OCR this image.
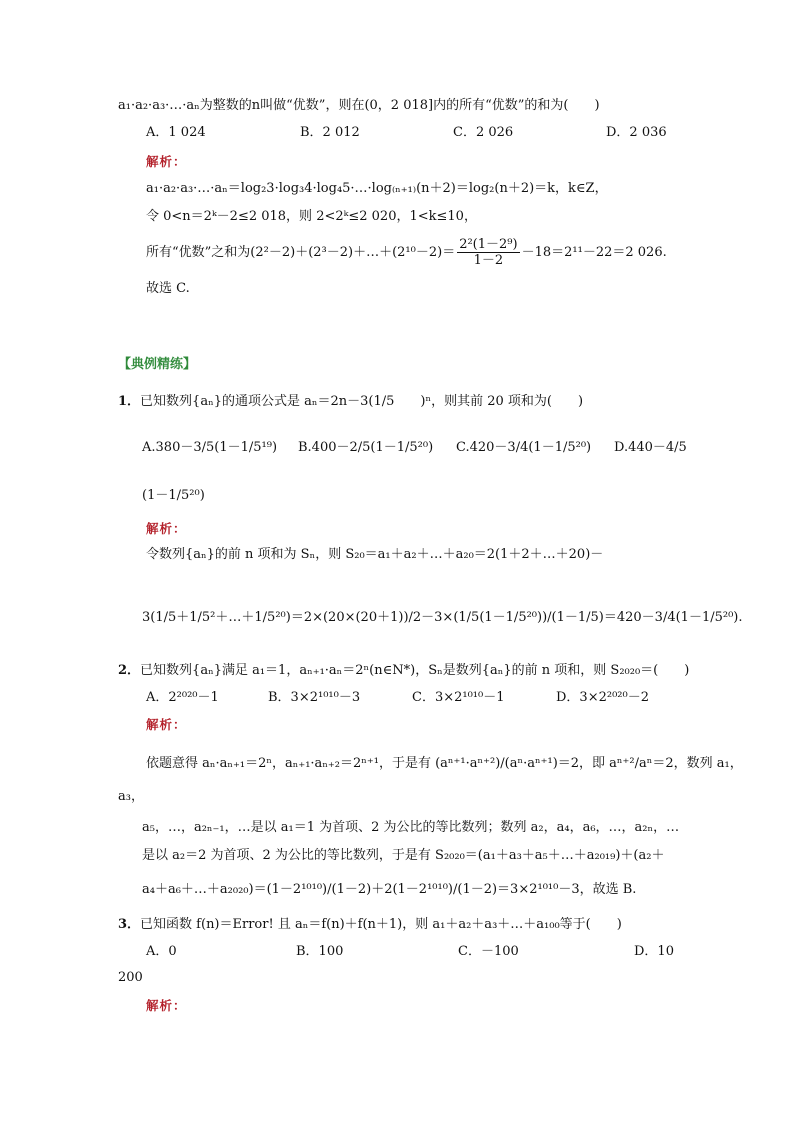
a₁·a₂·a₃·…·aₙ为整数的n叫做“优数”，则在(0，2 018]内的所有“优数”的和为(　　)
A．1 024	B．2 012	C．2 026	D．2 036
解析：
a₁·a₂·a₃·…·aₙ＝log₂3·log₃4·log₄5·…·log₍ₙ₊₁₎(n＋2)＝log₂(n＋2)＝k，k∈Z，
令 0<n＝2ᵏ－2≤2 018，则 2<2ᵏ≤2 020，1<k≤10，
所有“优数”之和为(2²－2)＋(2³－2)＋…＋(2¹⁰－2)＝ $\frac{\text{2²(1－2⁹)}}{1-2} -18=2^{11}-22=2$ 026.
故选 C.
【典例精练】
1．已知数列{aₙ}的通项公式是 aₙ＝2n－3(1/5　　)ⁿ，则其前 20 项和为(　　)
A.380－3/5(1－1/5¹⁹) B.400－2/5(1－1/5²⁰) C.420－3/4(1－1/5²⁰) D.440－4/5
(1－1/5²⁰)
解析：
令数列{aₙ}的前 n 项和为 Sₙ，则 S₂₀＝a₁＋a₂＋…＋a₂₀＝2(1＋2＋…＋20)－
3(1/5＋1/5²＋…＋1/5²⁰)＝2×(20×(20＋1))/2－3×(1/5(1－1/5²⁰))/(1－1/5)＝420－3/4(1－1/5²⁰).
2．已知数列{aₙ}满足 a₁＝1，aₙ₊₁·aₙ＝2ⁿ(n∈N*)，Sₙ是数列{aₙ}的前 n 项和，则 S₂₀₂₀＝(　　)
A．2²⁰²⁰－1	B．3×2¹⁰¹⁰－3	C．3×2¹⁰¹⁰－1	D．3×2²⁰²⁰－2
解析：
依题意得 aₙ·aₙ₊₁＝2ⁿ，aₙ₊₁·aₙ₊₂＝2ⁿ⁺¹，于是有 (aⁿ⁺¹·aⁿ⁺²)/(aⁿ·aⁿ⁺¹)＝2，即 aⁿ⁺²/aⁿ＝2，数列 a₁，
a₃，
a₅，…，a₂ₙ₋₁，…是以 a₁＝1 为首项、2 为公比的等比数列；数列 a₂，a₄，a₆，…，a₂ₙ，…
是以 a₂＝2 为首项、2 为公比的等比数列，于是有 S₂₀₂₀＝(a₁＋a₃＋a₅＋…＋a₂₀₁₉)＋(a₂＋
a₄＋a₆＋…＋a₂₀₂₀)＝(1－2¹⁰¹⁰)/(1－2)＋2(1－2¹⁰¹⁰)/(1－2)＝3×2¹⁰¹⁰－3，故选 B.
3．已知函数 f(n)＝Error! 且 aₙ＝f(n)＋f(n＋1)，则 a₁＋a₂＋a₃＋…＋a₁₀₀等于(　　)
A．0	B．100	C．－100	D．10
200
解析：
